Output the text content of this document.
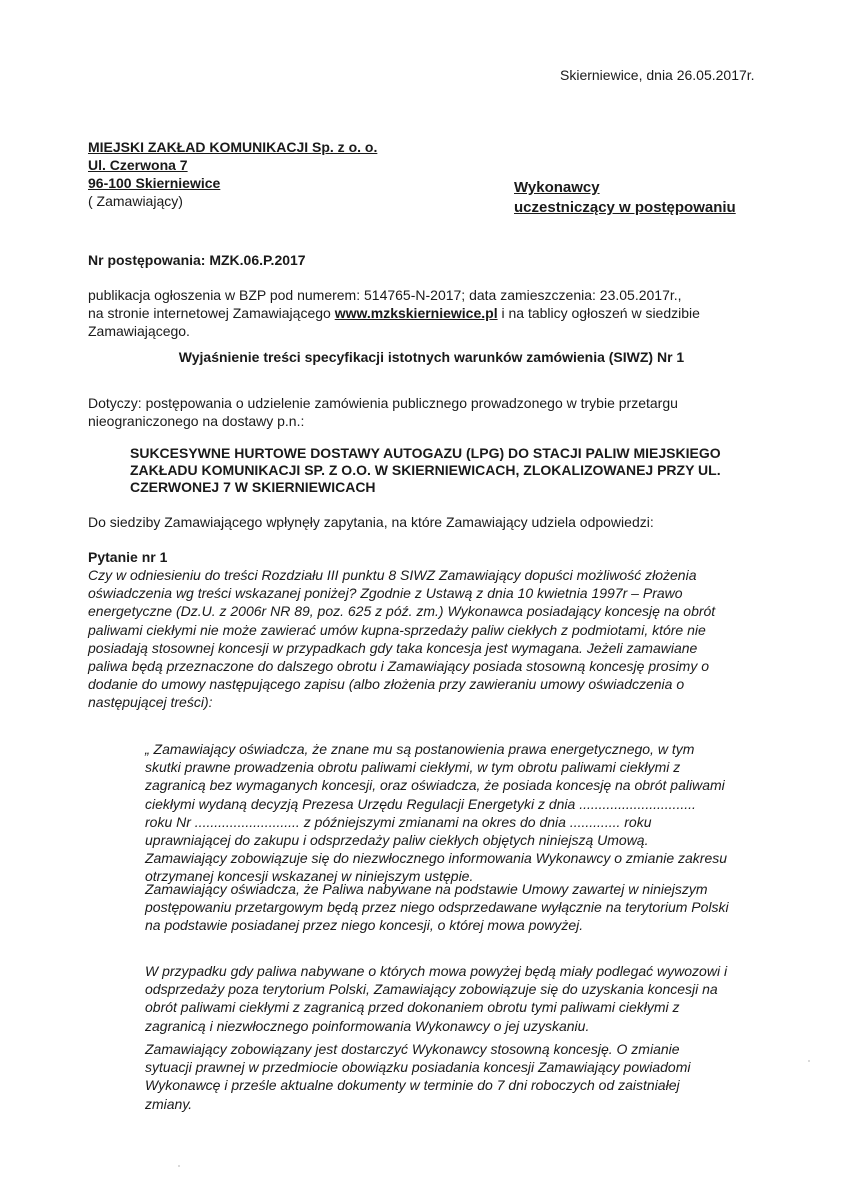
Skierniewice, dnia 26.05.2017r.
MIEJSKI ZAKŁAD KOMUNIKACJI Sp. z o. o.
Ul. Czerwona 7
96-100 Skierniewice
( Zamawiający)
Wykonawcy
uczestniczący w postępowaniu
Nr postępowania: MZK.06.P.2017
publikacja ogłoszenia w BZP pod numerem: 514765-N-2017; data zamieszczenia: 23.05.2017r.,
na stronie internetowej Zamawiającego www.mzkskierniewice.pl i na tablicy ogłoszeń w siedzibie
Zamawiającego.
Wyjaśnienie treści specyfikacji istotnych warunków zamówienia (SIWZ) Nr 1
Dotyczy: postępowania o udzielenie zamówienia publicznego prowadzonego w trybie przetargu
nieograniczonego na dostawy p.n.:
SUKCESYWNE HURTOWE DOSTAWY AUTOGAZU (LPG) DO STACJI PALIW MIEJSKIEGO
ZAKŁADU KOMUNIKACJI SP. Z O.O. W SKIERNIEWICACH, ZLOKALIZOWANEJ PRZY UL.
CZERWONEJ 7 W SKIERNIEWICACH
Do siedziby Zamawiającego wpłynęły zapytania, na które Zamawiający udziela odpowiedzi:
Pytanie nr 1
Czy w odniesieniu do treści Rozdziału III punktu 8 SIWZ Zamawiający dopuści możliwość złożenia
oświadczenia wg treści wskazanej poniżej? Zgodnie z Ustawą z dnia 10 kwietnia 1997r – Prawo
energetyczne (Dz.U. z 2006r NR 89, poz. 625 z póź. zm.) Wykonawca posiadający koncesję na obrót
paliwami ciekłymi nie może zawierać umów kupna-sprzedaży paliw ciekłych z podmiotami, które nie
posiadają stosownej koncesji w przypadkach gdy taka koncesja jest wymagana. Jeżeli zamawiane
paliwa będą przeznaczone do dalszego obrotu i Zamawiający posiada stosowną koncesję prosimy o
dodanie do umowy następującego zapisu (albo złożenia przy zawieraniu umowy oświadczenia o
następującej treści):
„ Zamawiający oświadcza, że znane mu są postanowienia prawa energetycznego, w tym
skutki prawne prowadzenia obrotu paliwami ciekłymi, w tym obrotu paliwami ciekłymi z
zagranicą bez wymaganych koncesji, oraz oświadcza, że posiada koncesję na obrót paliwami
ciekłymi wydaną decyzją Prezesa Urzędu Regulacji Energetyki z dnia ..............................
roku Nr ........................... z późniejszymi zmianami na okres do dnia ............. roku
uprawniającej do zakupu i odsprzedaży paliw ciekłych objętych niniejszą Umową.
Zamawiający zobowiązuje się do niezwłocznego informowania Wykonawcy o zmianie zakresu
otrzymanej koncesji wskazanej w niniejszym ustępie.
Zamawiający oświadcza, że Paliwa nabywane na podstawie Umowy zawartej w niniejszym
postępowaniu przetargowym będą przez niego odsprzedawane wyłącznie na terytorium Polski
na podstawie posiadanej przez niego koncesji, o której mowa powyżej.
W przypadku gdy paliwa nabywane o których mowa powyżej będą miały podlegać wywozowi i
odsprzedaży poza terytorium Polski, Zamawiający zobowiązuje się do uzyskania koncesji na
obrót paliwami ciekłymi z zagranicą przed dokonaniem obrotu tymi paliwami ciekłymi z
zagranicą i niezwłocznego poinformowania Wykonawcy o jej uzyskaniu.
Zamawiający zobowiązany jest dostarczyć Wykonawcy stosowną koncesję. O zmianie
sytuacji prawnej w przedmiocie obowiązku posiadania koncesji Zamawiający powiadomi
Wykonawcę i prześle aktualne dokumenty w terminie do 7 dni roboczych od zaistniałej
zmiany.
